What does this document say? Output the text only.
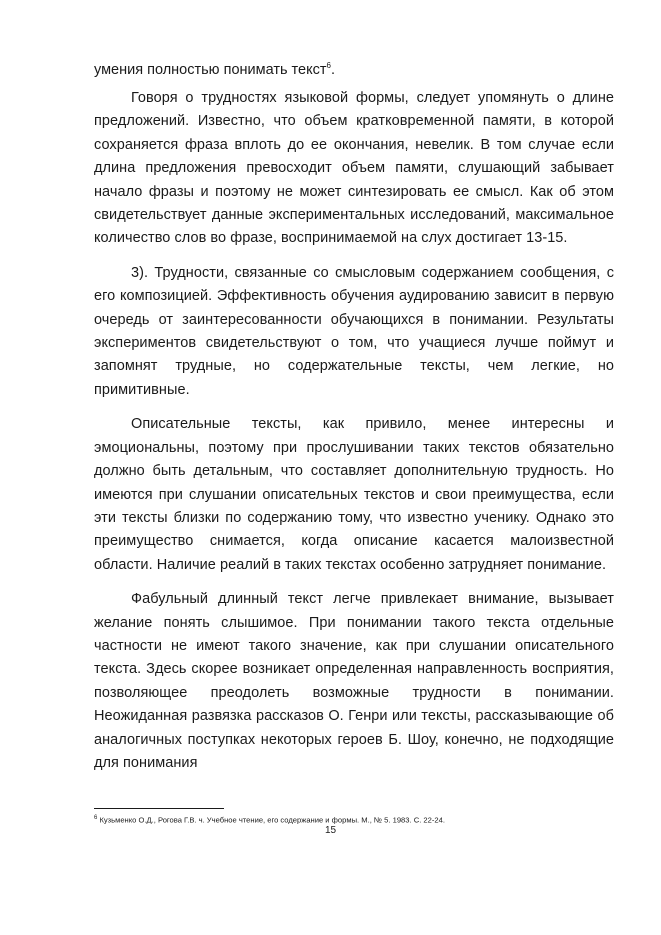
умения полностью понимать текст$^6$.

Говоря о трудностях языковой формы, следует упомянуть о длине предложений. Известно, что объем кратковременной памяти, в которой сохраняется фраза вплоть до ее окончания, невелик. В том случае если длина предложения превосходит объем памяти, слушающий забывает начало фразы и поэтому не может синтезировать ее смысл. Как об этом свидетельствует данные экспериментальных исследований, максимальное количество слов во фразе, воспринимаемой на слух достигает 13-15.

3). Трудности, связанные со смысловым содержанием сообщения, с его композицией. Эффективность обучения аудированию зависит в первую очередь от заинтересованности обучающихся в понимании. Результаты экспериментов свидетельствуют о том, что учащиеся лучше поймут и запомнят трудные, но содержательные тексты, чем легкие, но примитивные.

Описательные тексты, как привило, менее интересны и эмоциональны, поэтому при прослушивании таких текстов обязательно должно быть детальным, что составляет дополнительную трудность. Но имеются при слушании описательных текстов и свои преимущества, если эти тексты близки по содержанию тому, что известно ученику. Однако это преимущество снимается, когда описание касается малоизвестной области. Наличие реалий в таких текстах особенно затрудняет понимание.

Фабульный длинный текст легче привлекает внимание, вызывает желание понять слышимое. При понимании такого текста отдельные частности не имеют такого значение, как при слушании описательного текста. Здесь скорее возникает определенная направленность восприятия, позволяющее преодолеть возможные трудности в понимании. Неожиданная развязка рассказов О. Генри или тексты, рассказывающие об аналогичных поступках некоторых героев Б. Шоу, конечно, не подходящие для понимания

$^6$ Кузьменко О.Д., Рогова Г.В. ч. Учебное чтение, его содержание и формы. М., № 5. 1983. С. 22-24.
15
